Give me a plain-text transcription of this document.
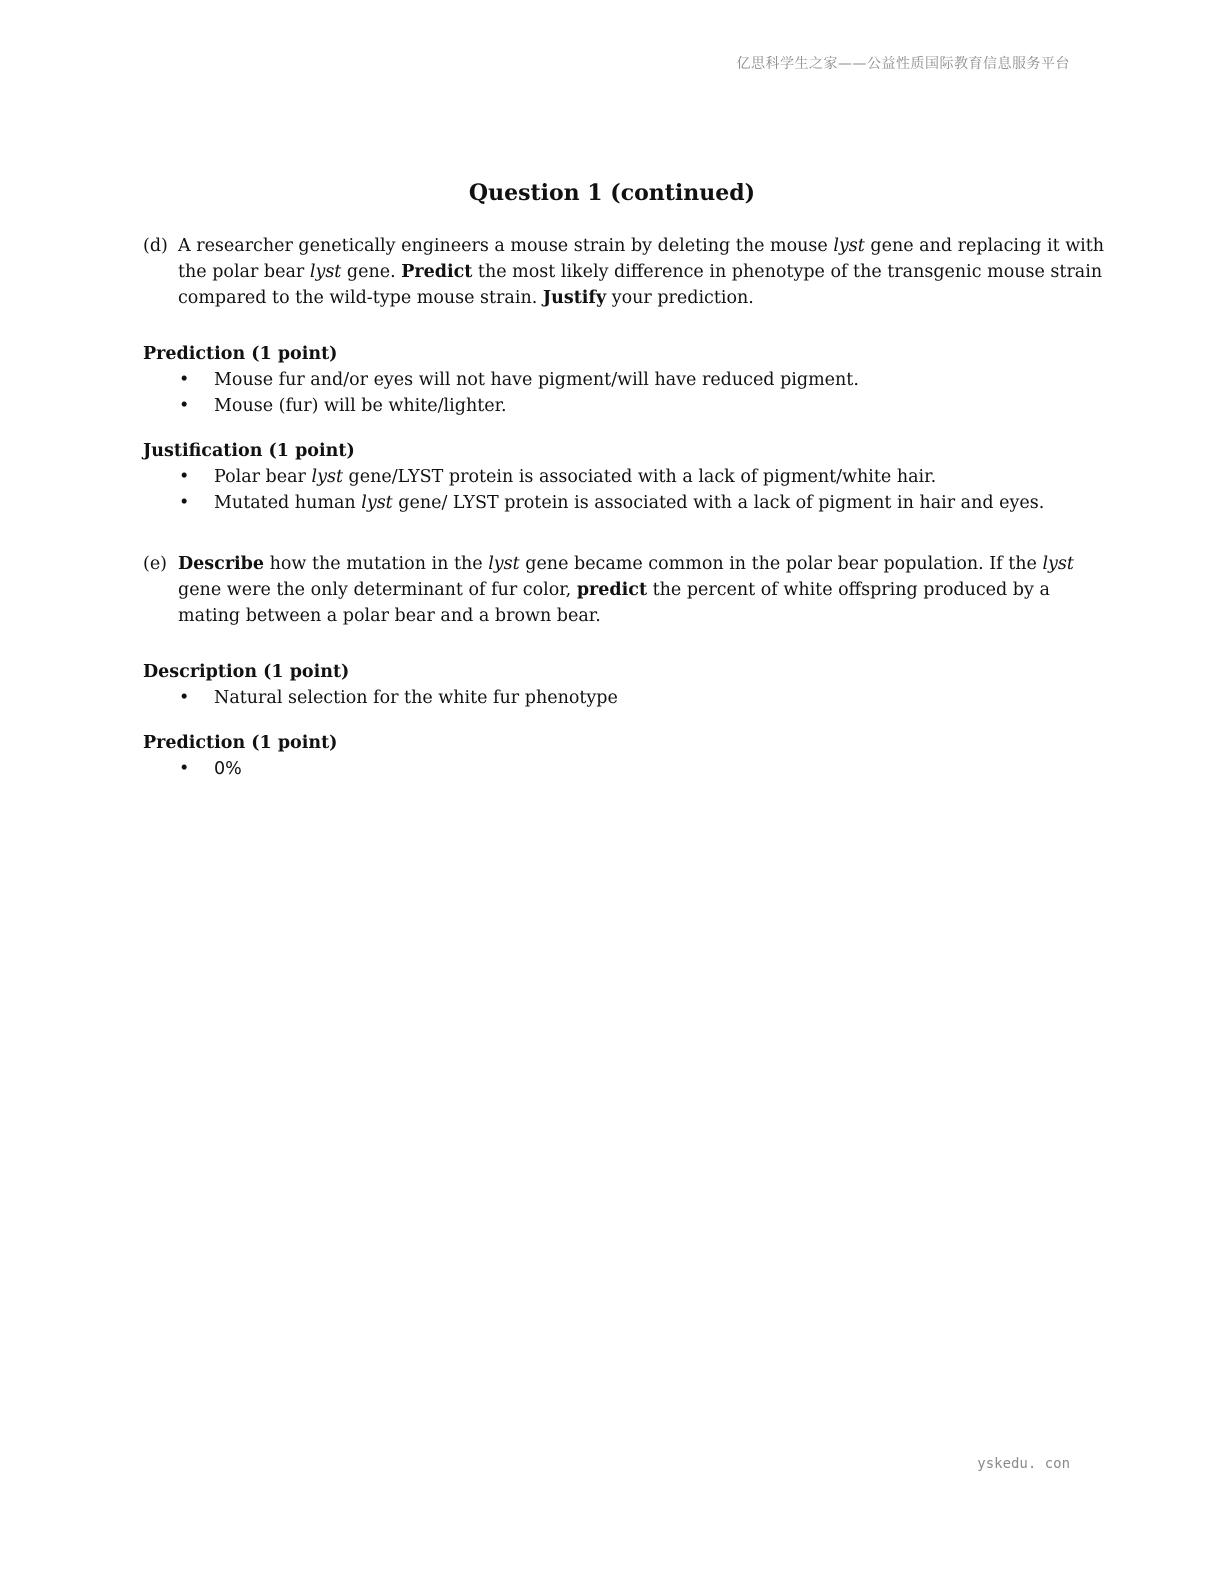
亿思科学生之家——公益性质国际教育信息服务平台
Question 1 (continued)
(d) A researcher genetically engineers a mouse strain by deleting the mouse lyst gene and replacing it with the polar bear lyst gene. Predict the most likely difference in phenotype of the transgenic mouse strain compared to the wild-type mouse strain. Justify your prediction.
Prediction (1 point)
• Mouse fur and/or eyes will not have pigment/will have reduced pigment.
• Mouse (fur) will be white/lighter.
Justification (1 point)
• Polar bear lyst gene/LYST protein is associated with a lack of pigment/white hair.
• Mutated human lyst gene/ LYST protein is associated with a lack of pigment in hair and eyes.
(e) Describe how the mutation in the lyst gene became common in the polar bear population. If the lyst gene were the only determinant of fur color, predict the percent of white offspring produced by a mating between a polar bear and a brown bear.
Description (1 point)
• Natural selection for the white fur phenotype
Prediction (1 point)
• 0%
yskedu. con
